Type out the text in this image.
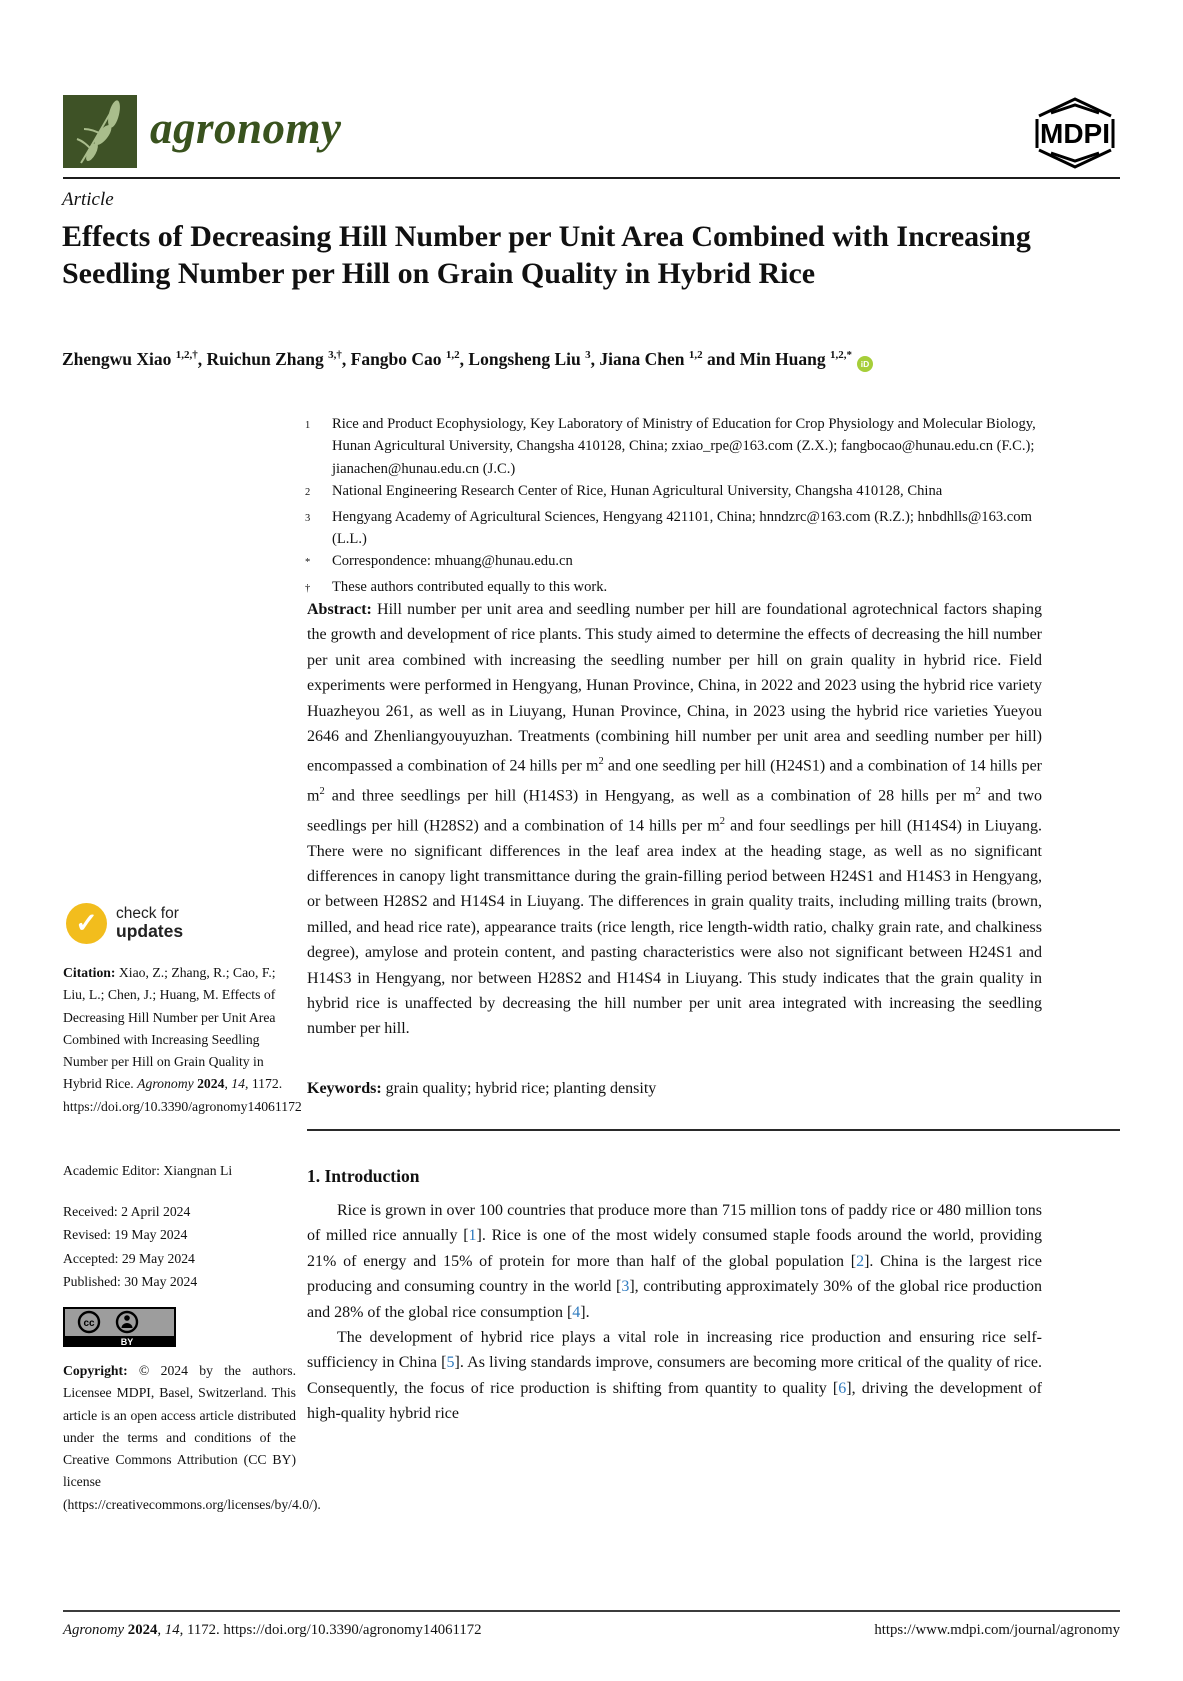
agronomy	MDPI
Article
Effects of Decreasing Hill Number per Unit Area Combined with Increasing Seedling Number per Hill on Grain Quality in Hybrid Rice
Zhengwu Xiao $^{1,2,\dagger}$, Ruichun Zhang $^{3,\dagger}$, Fangbo Cao $^{1,2}$, Longsheng Liu $^3$, Jiana Chen $^{1,2}$ and Min Huang $^{1,2,*}$iD
1	Rice and Product Ecophysiology, Key Laboratory of Ministry of Education for Crop Physiology and Molecular Biology, Hunan Agricultural University, Changsha 410128, China; zxiao_rpe@163.com (Z.X.); fangbocao@hunau.edu.cn (F.C.); jianachen@hunau.edu.cn (J.C.)
2	National Engineering Research Center of Rice, Hunan Agricultural University, Changsha 410128, China
3	Hengyang Academy of Agricultural Sciences, Hengyang 421101, China; hnndzrc@163.com (R.Z.); hnbdhlls@163.com (L.L.)
*	Correspondence: mhuang@hunau.edu.cn
†	These authors contributed equally to this work.

Abstract: Hill number per unit area and seedling number per hill are foundational agrotechnical factors shaping the growth and development of rice plants. This study aimed to determine the effects of decreasing the hill number per unit area combined with increasing the seedling number per hill on grain quality in hybrid rice. Field experiments were performed in Hengyang, Hunan Province, China, in 2022 and 2023 using the hybrid rice variety Huazheyou 261, as well as in Liuyang, Hunan Province, China, in 2023 using the hybrid rice varieties Yueyou 2646 and Zhenliangyouyuzhan. Treatments (combining hill number per unit area and seedling number per hill) encompassed a combination of 24 hills per $m^2$ and one seedling per hill (H24S1) and a combination of 14 hills per $m^2$ and three seedlings per hill (H14S3) in Hengyang, as well as a combination of 28 hills per $m^2$ and two seedlings per hill (H28S2) and a combination of 14 hills per $m^2$ and four seedlings per hill (H14S4) in Liuyang. There were no significant differences in the leaf area index at the heading stage, as well as no significant differences in canopy light transmittance during the grain-filling period between H24S1 and H14S3 in Hengyang, or between H28S2 and H14S4 in Liuyang. The differences in grain quality traits, including milling traits (brown, milled, and head rice rate), appearance traits (rice length, rice length-width ratio, chalky grain rate, and chalkiness degree), amylose and protein content, and pasting characteristics were also not significant between H24S1 and H14S3 in Hengyang, nor between H28S2 and H14S4 in Liuyang. This study indicates that the grain quality in hybrid rice is unaffected by decreasing the hill number per unit area integrated with increasing the seedling number per hill.

Keywords: grain quality; hybrid rice; planting density

1. Introduction

Rice is grown in over 100 countries that produce more than 715 million tons of paddy rice or 480 million tons of milled rice annually [1]. Rice is one of the most widely consumed staple foods around the world, providing 21% of energy and 15% of protein for more than half of the global population [2]. China is the largest rice producing and consuming country in the world [3], contributing approximately 30% of the global rice production and 28% of the global rice consumption [4].

The development of hybrid rice plays a vital role in increasing rice production and ensuring rice self-sufficiency in China [5]. As living standards improve, consumers are becoming more critical of the quality of rice. Consequently, the focus of rice production is shifting from quantity to quality [6], driving the development of high-quality hybrid rice

✓	check for
updates
Citation: Xiao, Z.; Zhang, R.; Cao, F.; Liu, L.; Chen, J.; Huang, M. Effects of Decreasing Hill Number per Unit Area Combined with Increasing Seedling Number per Hill on Grain Quality in Hybrid Rice. Agronomy 2024, 14, 1172. https://doi.org/10.3390/agronomy14061172
Academic Editor: Xiangnan Li
Received: 2 April 2024
Revised: 19 May 2024
Accepted: 29 May 2024
Published: 30 May 2024
cc
BY
Copyright: © 2024 by the authors. Licensee MDPI, Basel, Switzerland. This article is an open access article distributed under the terms and conditions of the Creative Commons Attribution (CC BY) license (https://creativecommons.org/licenses/by/4.0/).
Agronomy 2024, 14, 1172. https://doi.org/10.3390/agronomy14061172	https://www.mdpi.com/journal/agronomy
